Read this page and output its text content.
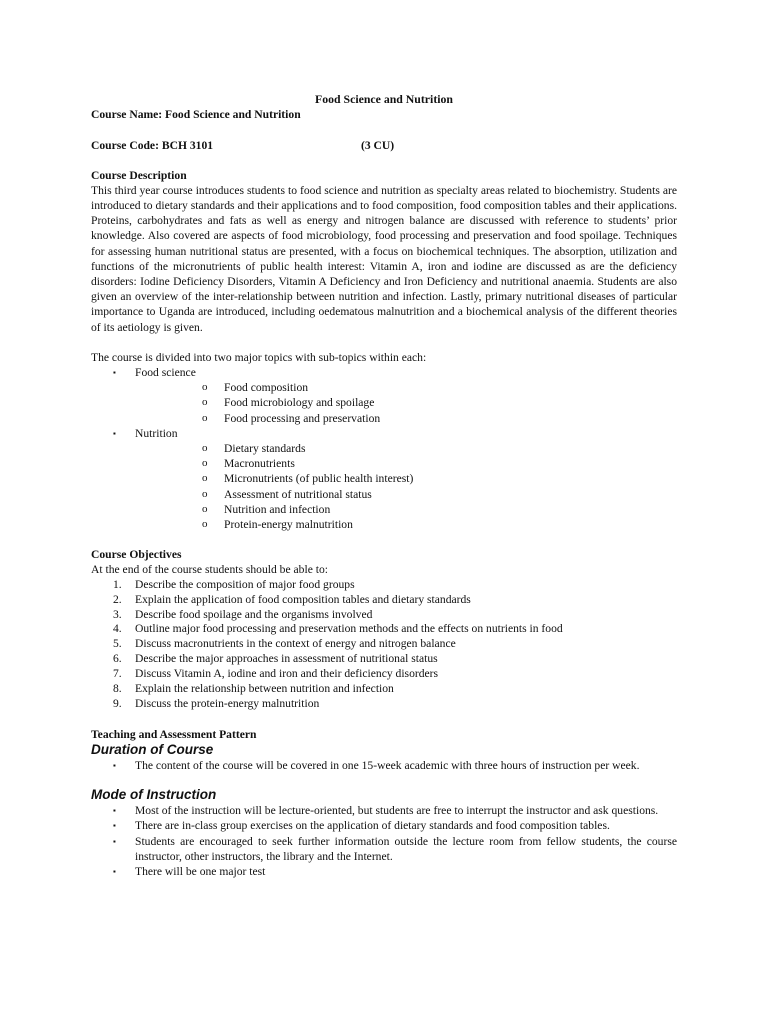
Food Science and Nutrition

Course Name: Food Science and Nutrition

Course Code: BCH 3101	(3 CU)

Course Description

This third year course introduces students to food science and nutrition as specialty areas related to biochemistry. Students are introduced to dietary standards and their applications and to food composition, food composition tables and their applications. Proteins, carbohydrates and fats as well as energy and nitrogen balance are discussed with reference to students’ prior knowledge. Also covered are aspects of food microbiology, food processing and preservation and food spoilage. Techniques for assessing human nutritional status are presented, with a focus on biochemical techniques. The absorption, utilization and functions of the micronutrients of public health interest: Vitamin A, iron and iodine are discussed as are the deficiency disorders: Iodine Deficiency Disorders, Vitamin A Deficiency and Iron Deficiency and nutritional anaemia. Students are also given an overview of the inter-relationship between nutrition and infection. Lastly, primary nutritional diseases of particular importance to Uganda are introduced, including oedematous malnutrition and a biochemical analysis of the different theories of its aetiology is given.

The course is divided into two major topics with sub-topics within each:

▪ Food science
o Food composition
o Food microbiology and spoilage
o Food processing and preservation
▪ Nutrition
o Dietary standards
o Macronutrients
o Micronutrients (of public health interest)
o Assessment of nutritional status
o Nutrition and infection
o Protein-energy malnutrition

Course Objectives

At the end of the course students should be able to:

1. Describe the composition of major food groups
2. Explain the application of food composition tables and dietary standards
3. Describe food spoilage and the organisms involved
4. Outline major food processing and preservation methods and the effects on nutrients in food
5. Discuss macronutrients in the context of energy and nitrogen balance
6. Describe the major approaches in assessment of nutritional status
7. Discuss Vitamin A, iodine and iron and their deficiency disorders
8. Explain the relationship between nutrition and infection
9. Discuss the protein-energy malnutrition

Teaching and Assessment Pattern

Duration of Course

▪ The content of the course will be covered in one 15-week academic with three hours of instruction per week.

Mode of Instruction

▪ Most of the instruction will be lecture-oriented, but students are free to interrupt the instructor and ask questions.
▪ There are in-class group exercises on the application of dietary standards and food composition tables.
▪ Students are encouraged to seek further information outside the lecture room from fellow students, the course instructor, other instructors, the library and the Internet.
▪ There will be one major test
